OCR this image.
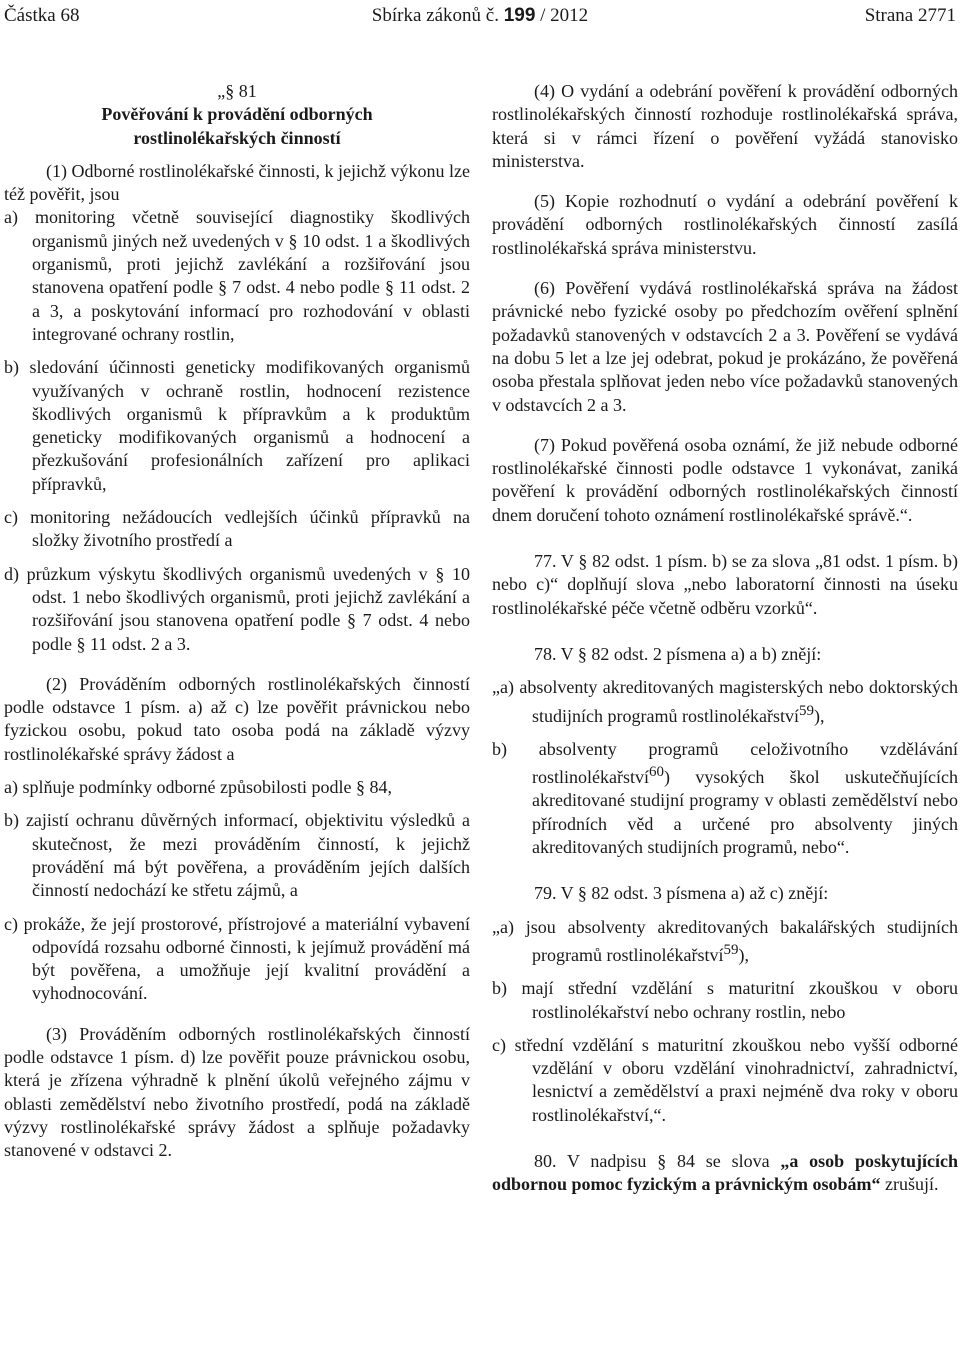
Částka 68	Sbírka zákonů č. 199 / 2012	Strana 2771

„§ 81

Pověřování k provádění odborných

rostlinolékařských činností

(1) Odborné rostlinolékařské činnosti, k jejichž výkonu lze též pověřit, jsou

a) monitoring včetně související diagnostiky škodlivých organismů jiných než uvedených v § 10 odst. 1 a škodlivých organismů, proti jejichž zavlékání a rozšiřování jsou stanovena opatření podle § 7 odst. 4 nebo podle § 11 odst. 2 a 3, a poskytování informací pro rozhodování v oblasti integrované ochrany rostlin,

b) sledování účinnosti geneticky modifikovaných organismů využívaných v ochraně rostlin, hodnocení rezistence škodlivých organismů k přípravkům a k produktům geneticky modifikovaných organismů a hodnocení a přezkušování profesionálních zařízení pro aplikaci přípravků,

c) monitoring nežádoucích vedlejších účinků přípravků na složky životního prostředí a

d) průzkum výskytu škodlivých organismů uvedených v § 10 odst. 1 nebo škodlivých organismů, proti jejichž zavlékání a rozšiřování jsou stanovena opatření podle § 7 odst. 4 nebo podle § 11 odst. 2 a 3.

(2) Prováděním odborných rostlinolékařských činností podle odstavce 1 písm. a) až c) lze pověřit právnickou nebo fyzickou osobu, pokud tato osoba podá na základě výzvy rostlinolékařské správy žádost a

a) splňuje podmínky odborné způsobilosti podle § 84,

b) zajistí ochranu důvěrných informací, objektivitu výsledků a skutečnost, že mezi prováděním činností, k jejichž provádění má být pověřena, a prováděním jejích dalších činností nedochází ke střetu zájmů, a

c) prokáže, že její prostorové, přístrojové a materiální vybavení odpovídá rozsahu odborné činnosti, k jejímuž provádění má být pověřena, a umožňuje její kvalitní provádění a vyhodnocování.

(3) Prováděním odborných rostlinolékařských činností podle odstavce 1 písm. d) lze pověřit pouze právnickou osobu, která je zřízena výhradně k plnění úkolů veřejného zájmu v oblasti zemědělství nebo životního prostředí, podá na základě výzvy rostlinolékařské správy žádost a splňuje požadavky stanovené v odstavci 2.

(4) O vydání a odebrání pověření k provádění odborných rostlinolékařských činností rozhoduje rostlinolékařská správa, která si v rámci řízení o pověření vyžádá stanovisko ministerstva.

(5) Kopie rozhodnutí o vydání a odebrání pověření k provádění odborných rostlinolékařských činností zasílá rostlinolékařská správa ministerstvu.

(6) Pověření vydává rostlinolékařská správa na žádost právnické nebo fyzické osoby po předchozím ověření splnění požadavků stanovených v odstavcích 2 a 3. Pověření se vydává na dobu 5 let a lze jej odebrat, pokud je prokázáno, že pověřená osoba přestala splňovat jeden nebo více požadavků stanovených v odstavcích 2 a 3.

(7) Pokud pověřená osoba oznámí, že již nebude odborné rostlinolékařské činnosti podle odstavce 1 vykonávat, zaniká pověření k provádění odborných rostlinolékařských činností dnem doručení tohoto oznámení rostlinolékařské správě.“.

77. V § 82 odst. 1 písm. b) se za slova „81 odst. 1 písm. b) nebo c)“ doplňují slova „nebo laboratorní činnosti na úseku rostlinolékařské péče včetně odběru vzorků“.

78. V § 82 odst. 2 písmena a) a b) znějí:

„a) absolventy akreditovaných magisterských nebo doktorských studijních programů rostlinolékařství$^{59}$),

b) absolventy programů celoživotního vzdělávání rostlinolékařství$^{60}$) vysokých škol uskutečňujících akreditované studijní programy v oblasti zemědělství nebo přírodních věd a určené pro absolventy jiných akreditovaných studijních programů, nebo“.

79. V § 82 odst. 3 písmena a) až c) znějí:

„a) jsou absolventy akreditovaných bakalářských studijních programů rostlinolékařství$^{59}$),

b) mají střední vzdělání s maturitní zkouškou v oboru rostlinolékařství nebo ochrany rostlin, nebo

c) střední vzdělání s maturitní zkouškou nebo vyšší odborné vzdělání v oboru vzdělání vinohradnictví, zahradnictví, lesnictví a zemědělství a praxi nejméně dva roky v oboru rostlinolékařství,“.

80. V nadpisu § 84 se slova „a osob poskytujících odbornou pomoc fyzickým a právnickým osobám“ zrušují.
